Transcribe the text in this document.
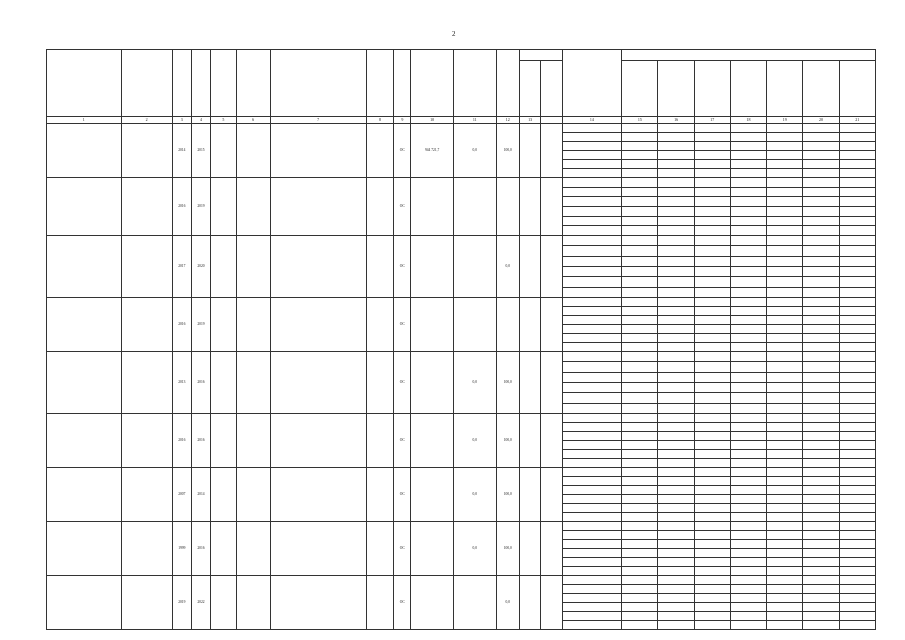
2

1	2	3	4	5	6	7	8	9	10	11	12	13		14	15	16	17	18	19	20	21
		2014	2015					ОС	944 721,7	0,0	100,0										

		2016	2019					ОС													

		2017	2020					ОС			0,0										

		2016	2019					ОС													

		2013	2016					ОС		0,0	100,0										

		2016	2016					ОС		0,0	100,0										

		2007	2014					ОС		0,0	100,0										

		1999	2016					ОС		0,0	100,0										

		2019	2022					ОС			0,0										
